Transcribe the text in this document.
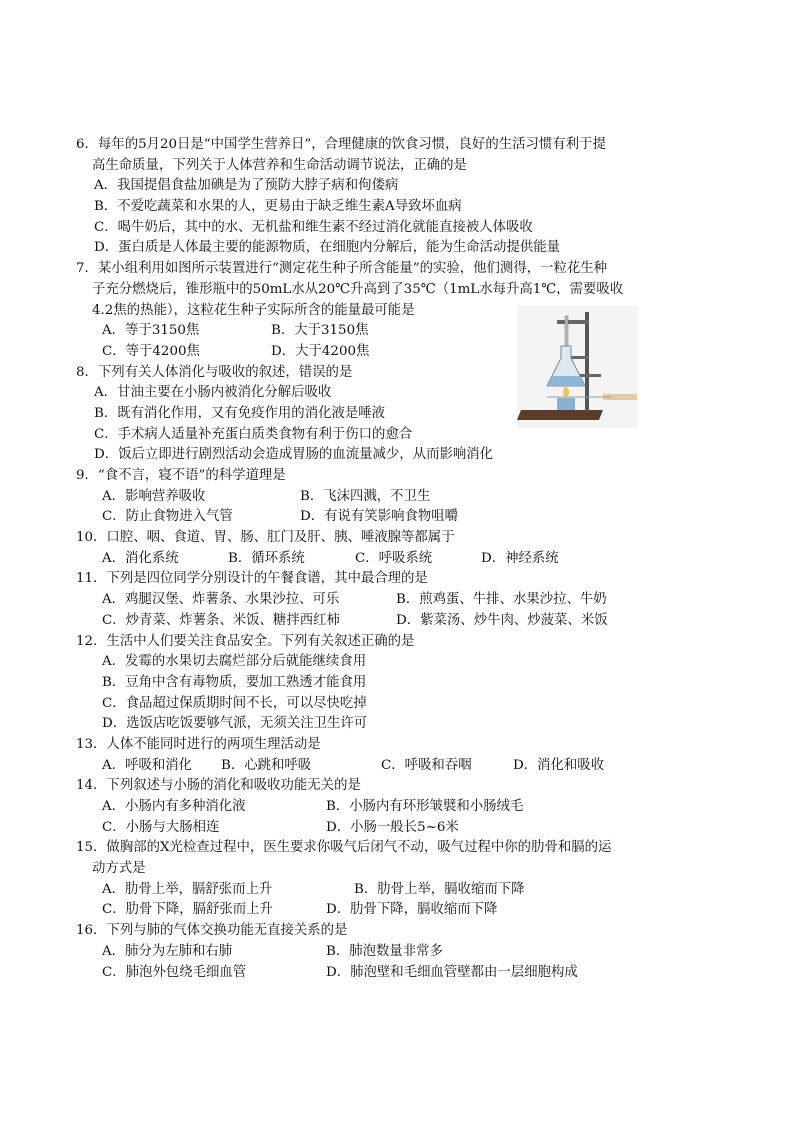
6．每年的5月20日是“中国学生营养日”，合理健康的饮食习惯，良好的生活习惯有利于提
高生命质量，下列关于人体营养和生命活动调节说法，正确的是
A．我国提倡食盐加碘是为了预防大脖子病和佝偻病
B．不爱吃蔬菜和水果的人，更易由于缺乏维生素A导致坏血病
C．喝牛奶后，其中的水、无机盐和维生素不经过消化就能直接被人体吸收
D．蛋白质是人体最主要的能源物质，在细胞内分解后，能为生命活动提供能量
7．某小组利用如图所示装置进行“测定花生种子所含能量”的实验，他们测得，一粒花生种
子充分燃烧后，锥形瓶中的50mL水从20℃升高到了35℃（1mL水每升高1℃，需要吸收
4.2焦的热能），这粒花生种子实际所含的能量最可能是
A．等于3150焦	B．大于3150焦
C．等于4200焦	D．大于4200焦
8．下列有关人体消化与吸收的叙述，错误的是
A．甘油主要在小肠内被消化分解后吸收
B．既有消化作用，又有免疫作用的消化液是唾液
C．手术病人适量补充蛋白质类食物有利于伤口的愈合
D．饭后立即进行剧烈活动会造成胃肠的血流量减少，从而影响消化
9．“食不言，寝不语”的科学道理是
A．影响营养吸收	B．飞沫四溅，不卫生
C．防止食物进入气管	D．有说有笑影响食物咀嚼
10．口腔、咽、食道、胃、肠、肛门及肝、胰、唾液腺等都属于
A．消化系统	B．循环系统	C．呼吸系统	D．神经系统
11．下列是四位同学分别设计的午餐食谱，其中最合理的是
A．鸡腿汉堡、炸薯条、水果沙拉、可乐	B．煎鸡蛋、牛排、水果沙拉、牛奶
C．炒青菜、炸薯条、米饭、糖拌西红柿	D．紫菜汤、炒牛肉、炒菠菜、米饭
12．生活中人们要关注食品安全。下列有关叙述正确的是
A．发霉的水果切去腐烂部分后就能继续食用
B．豆角中含有毒物质，要加工熟透才能食用
C．食品超过保质期时间不长，可以尽快吃掉
D．选饭店吃饭要够气派，无须关注卫生许可
13．人体不能同时进行的两项生理活动是
A．呼吸和消化 B．心跳和呼吸	C．呼吸和吞咽	D．消化和吸收
14．下列叙述与小肠的消化和吸收功能无关的是
A．小肠内有多种消化液	B．小肠内有环形皱襞和小肠绒毛
C．小肠与大肠相连	D．小肠一般长5~6米
15．做胸部的X光检查过程中，医生要求你吸气后闭气不动，吸气过程中你的肋骨和膈的运
动方式是
A．肋骨上举，膈舒张而上升	B．肋骨上举，膈收缩而下降
C．肋骨下降，膈舒张而上升	D．肋骨下降，膈收缩而下降
16．下列与肺的气体交换功能无直接关系的是
A．肺分为左肺和右肺	B．肺泡数量非常多
C．肺泡外包绕毛细血管	D．肺泡壁和毛细血管壁都由一层细胞构成
